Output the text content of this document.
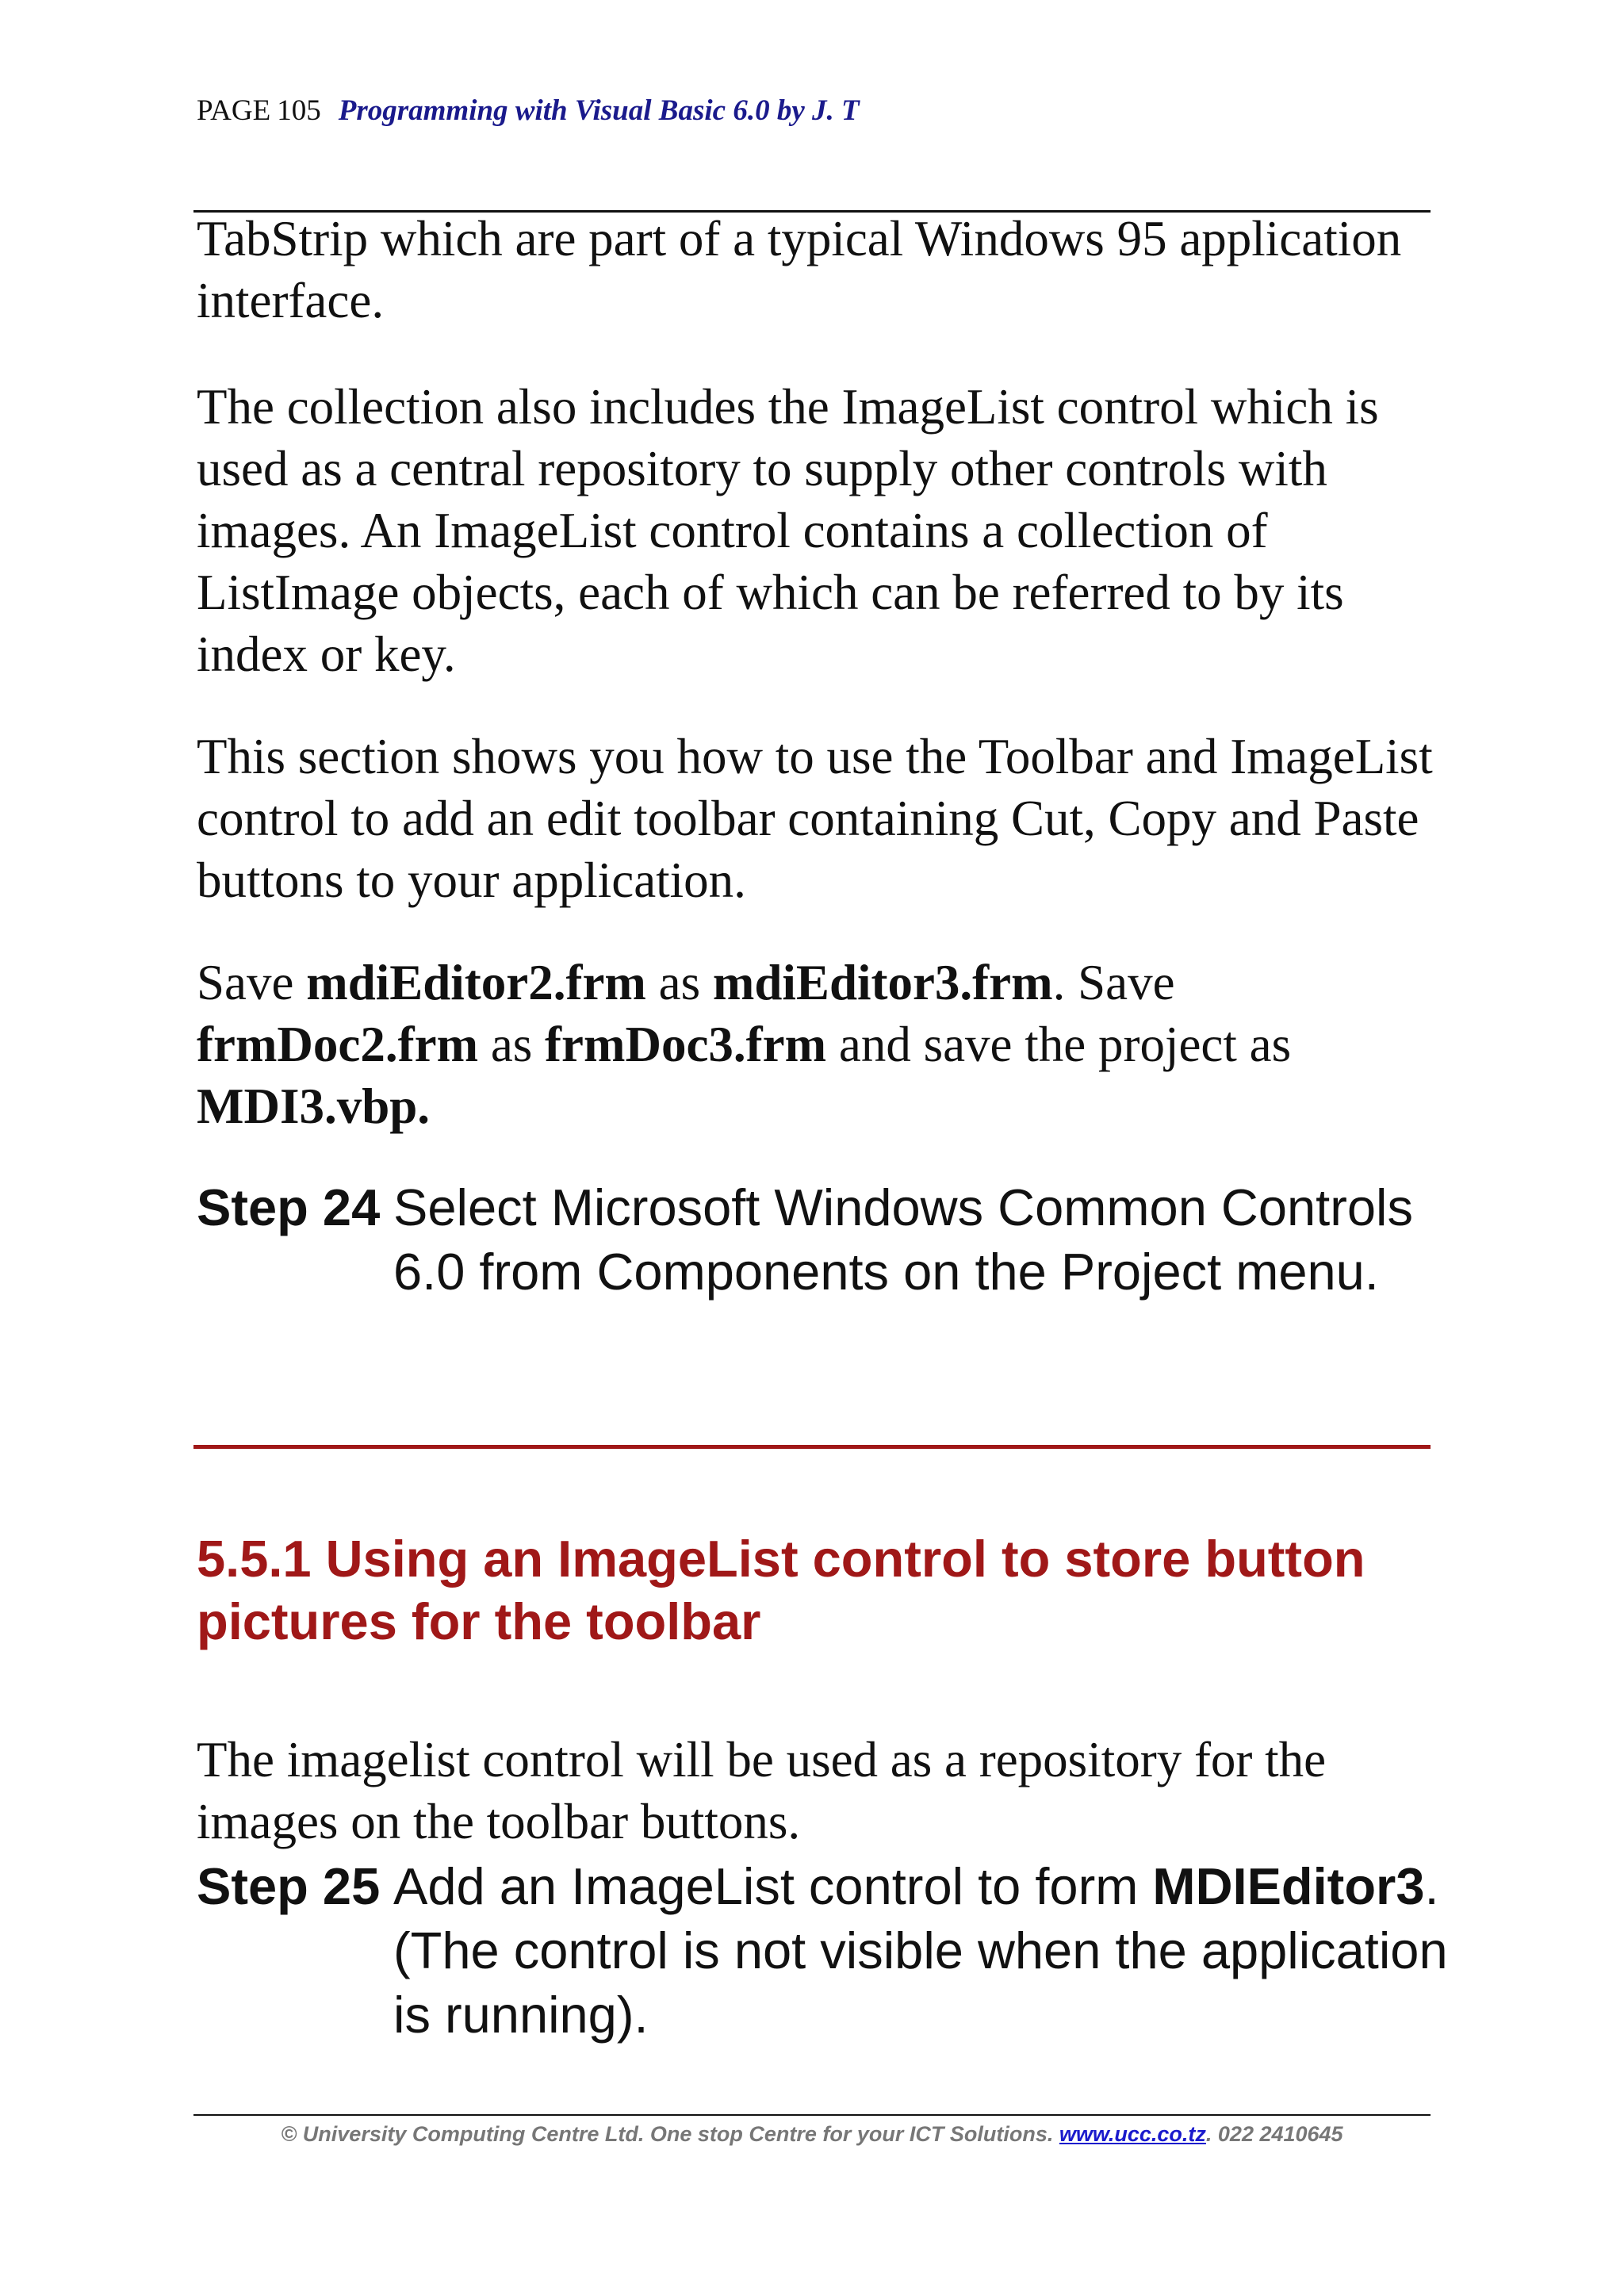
PAGE 105 Programming with Visual Basic 6.0 by J. T

TabStrip which are part of a typical Windows 95 application interface.

The collection also includes the ImageList control which is used as a central repository to supply other controls with images. An ImageList control contains a collection of ListImage objects, each of which can be referred to by its index or key.

This section shows you how to use the Toolbar and ImageList control to add an edit toolbar containing Cut, Copy and Paste buttons to your application.

Save mdiEditor2.frm as mdiEditor3.frm. Save frmDoc2.frm as frmDoc3.frm and save the project as MDI3.vbp.

Step 24 Select Microsoft Windows Common Controls 6.0 from Components on the Project menu.
5.5.1 Using an ImageList control to store button pictures for the toolbar

The imagelist control will be used as a repository for the images on the toolbar buttons.

Step 25 Add an ImageList control to form MDIEditor3. (The control is not visible when the application is running).
© University Computing Centre Ltd. One stop Centre for your ICT Solutions. www.ucc.co.tz. 022 2410645
